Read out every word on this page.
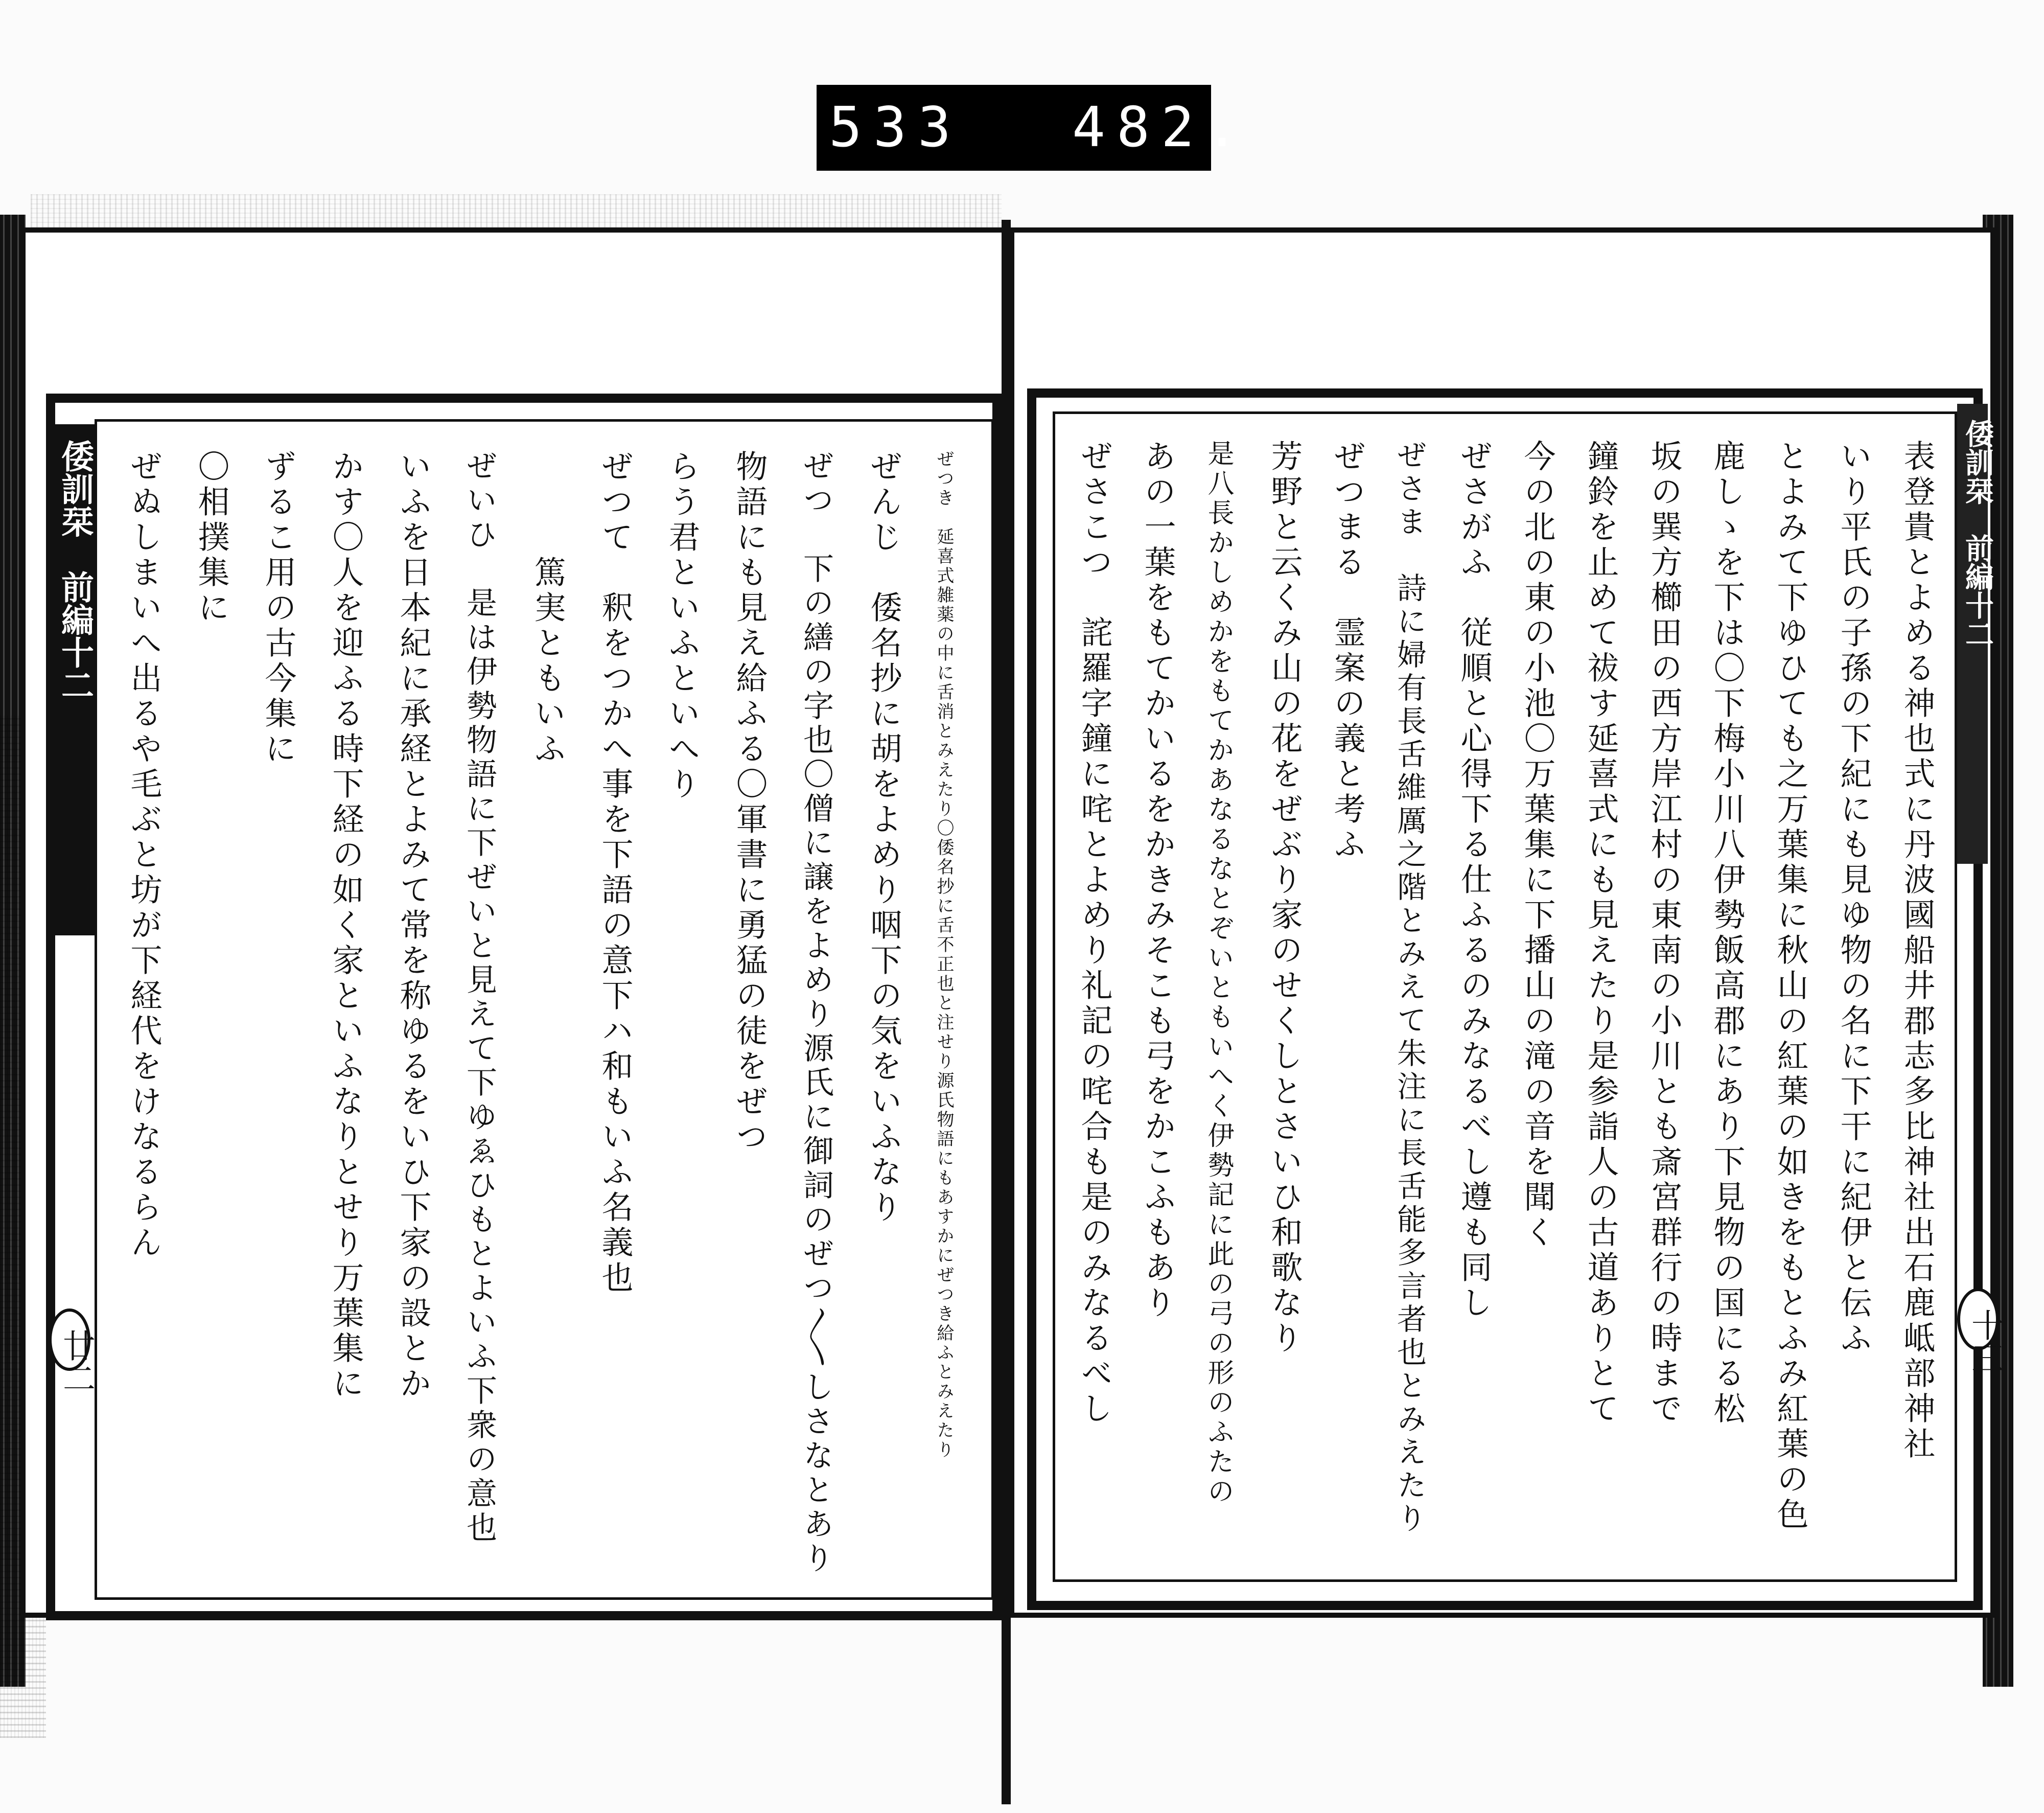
533 482.
倭訓栞　前編十二
廿二	ぜつき　延喜式雑薬の中に舌消とみえたり〇倭名抄に舌不正也と注せり源氏物語にもあすかにぜつき給ふとみえたり
ぜんじ　倭名抄に胡をよめり咽下の気をいふなり
ぜつ　下の繕の字也〇僧に譲をよめり源氏に御詞のぜつ〱しさなとあり
物語にも見え給ふる〇軍書に勇猛の徒をぜつ
らう君といふといへり
ぜつて　釈をつかへ事を下語の意下ハ和もいふ名義也
　　　篤実ともいふ
ぜいひ　是は伊勢物語に下ぜいと見えて下ゆゑひもとよいふ下衆の意也
いふを日本紀に承経とよみて常を称ゆるをいひ下家の設とか
かす〇人を迎ふる時下経の如く家といふなりとせり万葉集に
ずるこ用の古今集に
〇相撲集に
ぜぬしまいへ出るや毛ぶと坊が下経代をけなるらん	倭訓栞　前編十二
十三
表登貴とよめる神也式に丹波國船井郡志多比神社出石鹿岻部神社
いり平氏の子孫の下紀にも見ゆ物の名に下干に紀伊と伝ふ
とよみて下ゆひても之万葉集に秋山の紅葉の如きをもとふみ紅葉の色
鹿しゝを下は〇下梅小川八伊勢飯高郡にあり下見物の国にる松
坂の巽方櫛田の西方岸江村の東南の小川とも斎宮群行の時まで
鐘鈴を止めて祓す延喜式にも見えたり是参詣人の古道ありとて
今の北の東の小池〇万葉集に下播山の滝の音を聞く
ぜさがふ　従順と心得下る仕ふるのみなるべし遵も同し
ぜさま　詩に婦有長舌維厲之階とみえて朱注に長舌能多言者也とみえたり
ぜつまる　霊案の義と考ふ
芳野と云くみ山の花をぜぶり家のせくしとさいひ和歌なり
是八長かしめかをもてかあなるなとぞいともいへく伊勢記に此の弓の形のふたの
あの一葉をもてかいるをかきみそこも弓をかこふもあり
ぜさこつ　詫羅字鐘に咤とよめり礼記の咤合も是のみなるべし
